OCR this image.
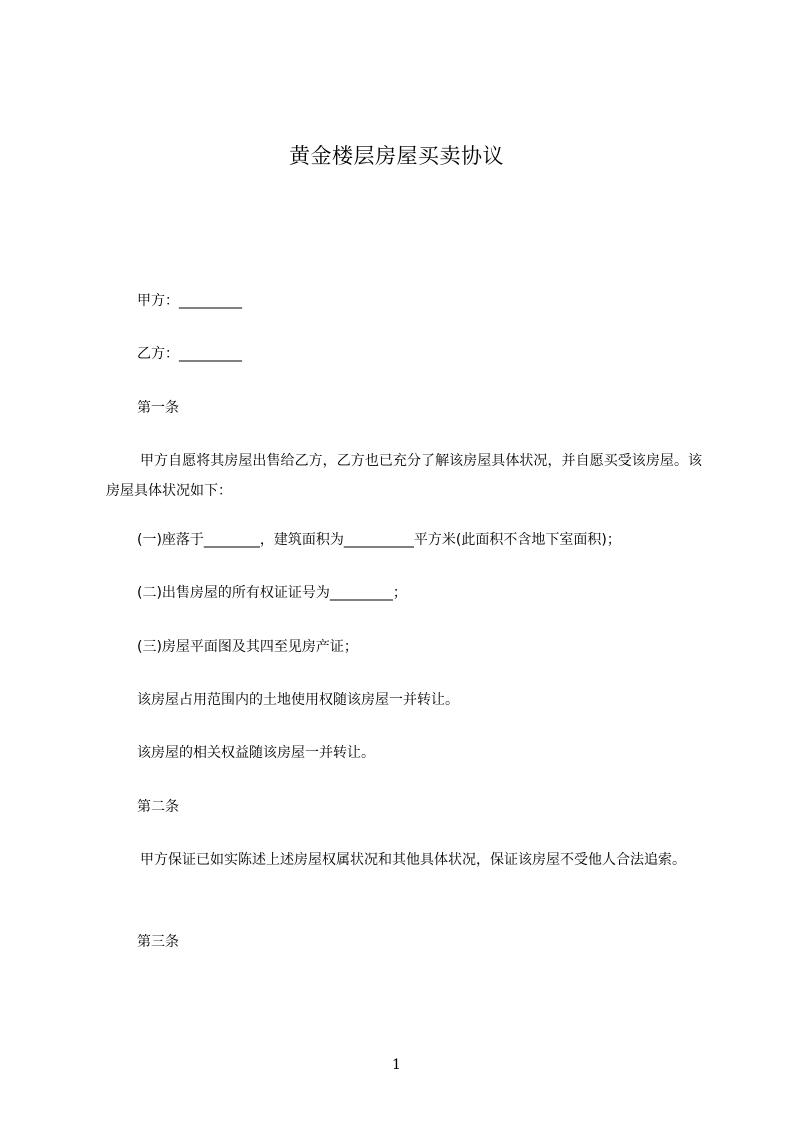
黄金楼层房屋买卖协议
甲方：_________
乙方：_________
第一条
甲方自愿将其房屋出售给乙方，乙方也已充分了解该房屋具体状况，并自愿买受该房屋。该房屋具体状况如下：
(一)座落于________，建筑面积为__________平方米(此面积不含地下室面积)；
(二)出售房屋的所有权证证号为_________；
(三)房屋平面图及其四至见房产证；
该房屋占用范围内的土地使用权随该房屋一并转让。
该房屋的相关权益随该房屋一并转让。
第二条
甲方保证已如实陈述上述房屋权属状况和其他具体状况，保证该房屋不受他人合法追索。
第三条
1
